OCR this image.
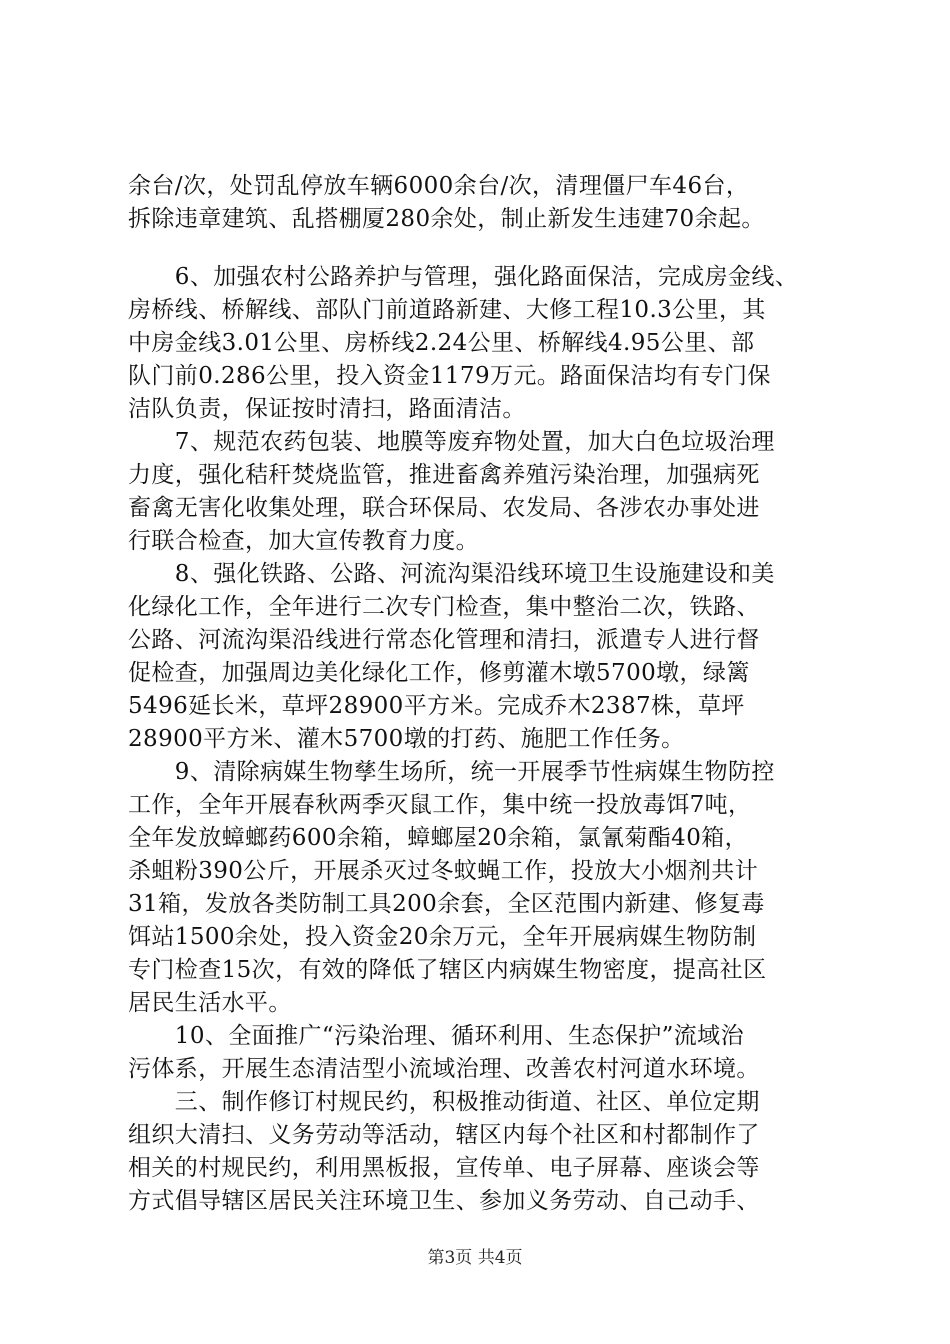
余台/次，处罚乱停放车辆6000余台/次，清理僵尸车46台，
拆除违章建筑、乱搭棚厦280余处，制止新发生违建70余起。
　　6、加强农村公路养护与管理，强化路面保洁，完成房金线、
房桥线、桥解线、部队门前道路新建、大修工程10.3公里，其
中房金线3.01公里、房桥线2.24公里、桥解线4.95公里、部
队门前0.286公里，投入资金1179万元。路面保洁均有专门保
洁队负责，保证按时清扫，路面清洁。
　　7、规范农药包装、地膜等废弃物处置，加大白色垃圾治理
力度，强化秸秆焚烧监管，推进畜禽养殖污染治理，加强病死
畜禽无害化收集处理，联合环保局、农发局、各涉农办事处进
行联合检查，加大宣传教育力度。
　　8、强化铁路、公路、河流沟渠沿线环境卫生设施建设和美
化绿化工作，全年进行二次专门检查，集中整治二次，铁路、
公路、河流沟渠沿线进行常态化管理和清扫，派遣专人进行督
促检查，加强周边美化绿化工作，修剪灌木墩5700墩，绿篱
5496延长米，草坪28900平方米。完成乔木2387株，草坪
28900平方米、灌木5700墩的打药、施肥工作任务。
　　9、清除病媒生物孳生场所，统一开展季节性病媒生物防控
工作，全年开展春秋两季灭鼠工作，集中统一投放毒饵7吨，
全年发放蟑螂药600余箱，蟑螂屋20余箱，氯氰菊酯40箱，
杀蛆粉390公斤，开展杀灭过冬蚊蝇工作，投放大小烟剂共计
31箱，发放各类防制工具200余套，全区范围内新建、修复毒
饵站1500余处，投入资金20余万元，全年开展病媒生物防制
专门检查15次，有效的降低了辖区内病媒生物密度，提高社区
居民生活水平。
　　10、全面推广“污染治理、循环利用、生态保护”流域治
污体系，开展生态清洁型小流域治理、改善农村河道水环境。
　　三、制作修订村规民约，积极推动街道、社区、单位定期
组织大清扫、义务劳动等活动，辖区内每个社区和村都制作了
相关的村规民约，利用黑板报，宣传单、电子屏幕、座谈会等
方式倡导辖区居民关注环境卫生、参加义务劳动、自己动手、
第3页 共4页
